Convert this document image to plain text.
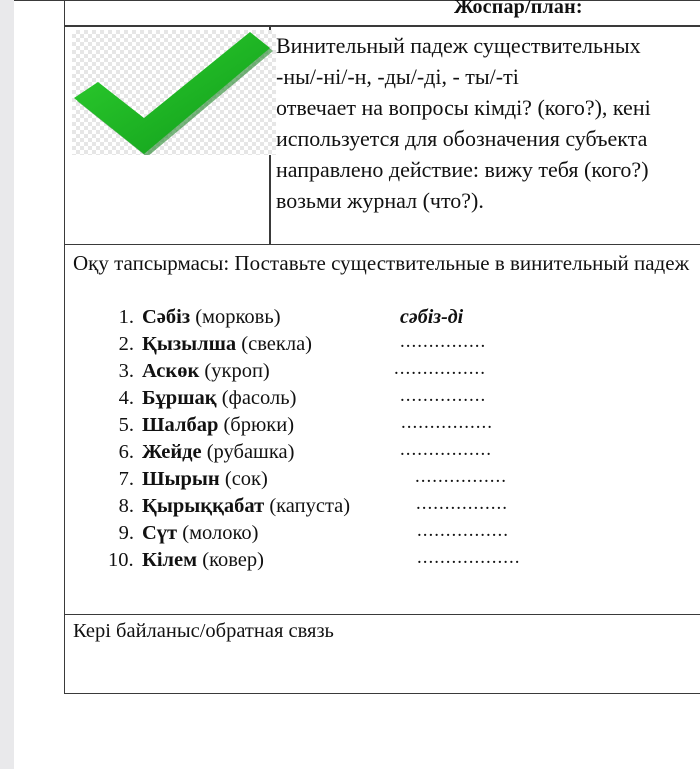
Жоспар/план:
Винительный падеж существительных
-ны/-ні/-н, -ды/-ді, - ты/-ті
отвечает на вопросы кімді? (кого?), кенi
используется для обозначения субъекта
направлено действие: вижу тебя (кого?)
возьми журнал (что?).
Оқу тапсырмасы: Поставьте существительные в винительный падеж
1. Сәбіз (морковь)
2. Қызылша (свекла)
3. Аскөк (укроп)
4. Бұршақ (фасоль)
5. Шалбар (брюки)
6. Жейде (рубашка)
7. Шырын (сок)
8. Қырыққабат (капуста)
9. Сүт (молоко)
10. Кілем (ковер)
сәбіз-ді
...............
................
...............
................
................
................
................
................
..................
Кері байланыс/обратная связь
